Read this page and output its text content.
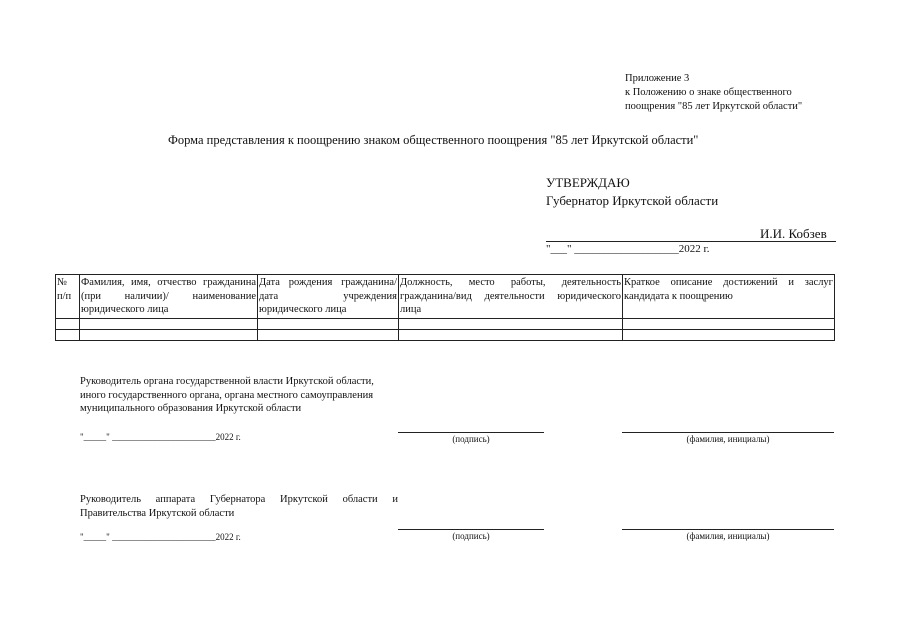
Приложение 3
к Положению о знаке общественного
поощрения "85 лет Иркутской области"
Форма представления к поощрению знаком общественного поощрения "85 лет Иркутской области"
УТВЕРЖДАЮ
Губернатор Иркутской области
И.И. Кобзев
"___" ___________________2022 г.
№ п/п	Фамилия, имя, отчество гражданина (при наличии)/ наименование юридического лица	Дата рождения гражданина/ дата учреждения юридического лица	Должность, место работы, деятельность гражданина/вид деятельности юридического лица	Краткое описание достижений и заслуг кандидата к поощрению

Руководитель органа государственной власти Иркутской области, иного государственного органа, органа местного самоуправления муниципального образования Иркутской области
"_____" _______________________2022 г.	(подпись)	(фамилия, инициалы)
Руководитель аппарата Губернатора Иркутской области и Правительства Иркутской области
"_____" _______________________2022 г.	(подпись)	(фамилия, инициалы)
